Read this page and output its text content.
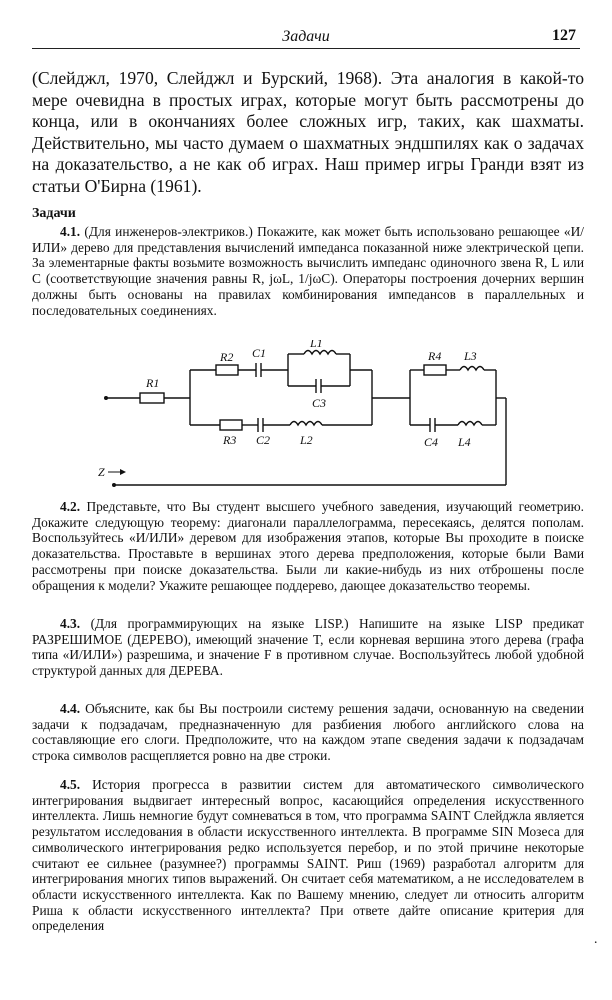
Задачи	127

(Слейджл, 1970, Слейджл и Бурский, 1968). Эта аналогия в какой-то мере очевидна в простых играх, которые могут быть рассмотрены до конца, или в окончаниях более сложных игр, таких, как шахматы. Действительно, мы часто думаем о шахматных эндшпилях как о задачах на доказательство, а не как об играх. Наш пример игры Гранди взят из статьи О'Бирна (1961).

Задачи

4.1. (Для инженеров-электриков.) Покажите, как может быть использовано решающее «И/ИЛИ» дерево для представления вычислений импеданса показанной ниже электрической цепи. За элементарные факты возьмите возможность вычислить импеданс одиночного звена R, L или C (соответствующие значения равны R, jωL, 1/jωC). Операторы построения дочерних вершин должны быть основаны на правилах комбинирования импедансов в параллельных и последовательных соединениях.

R1
R2 C1
L1
C3
R3 C2 L2
R4 L3
C4 L4
Z

4.2. Представьте, что Вы студент высшего учебного заведения, изучающий геометрию. Докажите следующую теорему: диагонали параллелограмма, пересекаясь, делятся пополам. Воспользуйтесь «И/ИЛИ» деревом для изображения этапов, которые Вы проходите в поиске доказательства. Проставьте в вершинах этого дерева предположения, которые были Вами рассмотрены при поиске доказательства. Были ли какие-нибудь из них отброшены после обращения к модели? Укажите решающее поддерево, дающее доказательство теоремы.

4.3. (Для программирующих на языке LISP.) Напишите на языке LISP предикат РАЗРЕШИМОЕ (ДЕРЕВО), имеющий значение T, если корневая вершина этого дерева (графа типа «И/ИЛИ») разрешима, и значение F в противном случае. Воспользуйтесь любой удобной структурой данных для ДЕРЕВА.

4.4. Объясните, как бы Вы построили систему решения задачи, основанную на сведении задачи к подзадачам, предназначенную для разбиения любого английского слова на составляющие его слоги. Предположите, что на каждом этапе сведения задачи к подзадачам строка символов расщепляется ровно на две строки.

4.5. История прогресса в развитии систем для автоматического символического интегрирования выдвигает интересный вопрос, касающийся определения искусственного интеллекта. Лишь немногие будут сомневаться в том, что программа SAINT Слейджла является результатом исследования в области искусственного интеллекта. В программе SIN Мозеса для символического интегрирования редко используется перебор, и по этой причине некоторые считают ее сильнее (разумнее?) программы SAINT. Риш (1969) разработал алгоритм для интегрирования многих типов выражений. Он считает себя математиком, а не исследователем в области искусственного интеллекта. Как по Вашему мнению, следует ли относить алгоритм Риша к области искусственного интеллекта? При ответе дайте описание критерия для определения

·
